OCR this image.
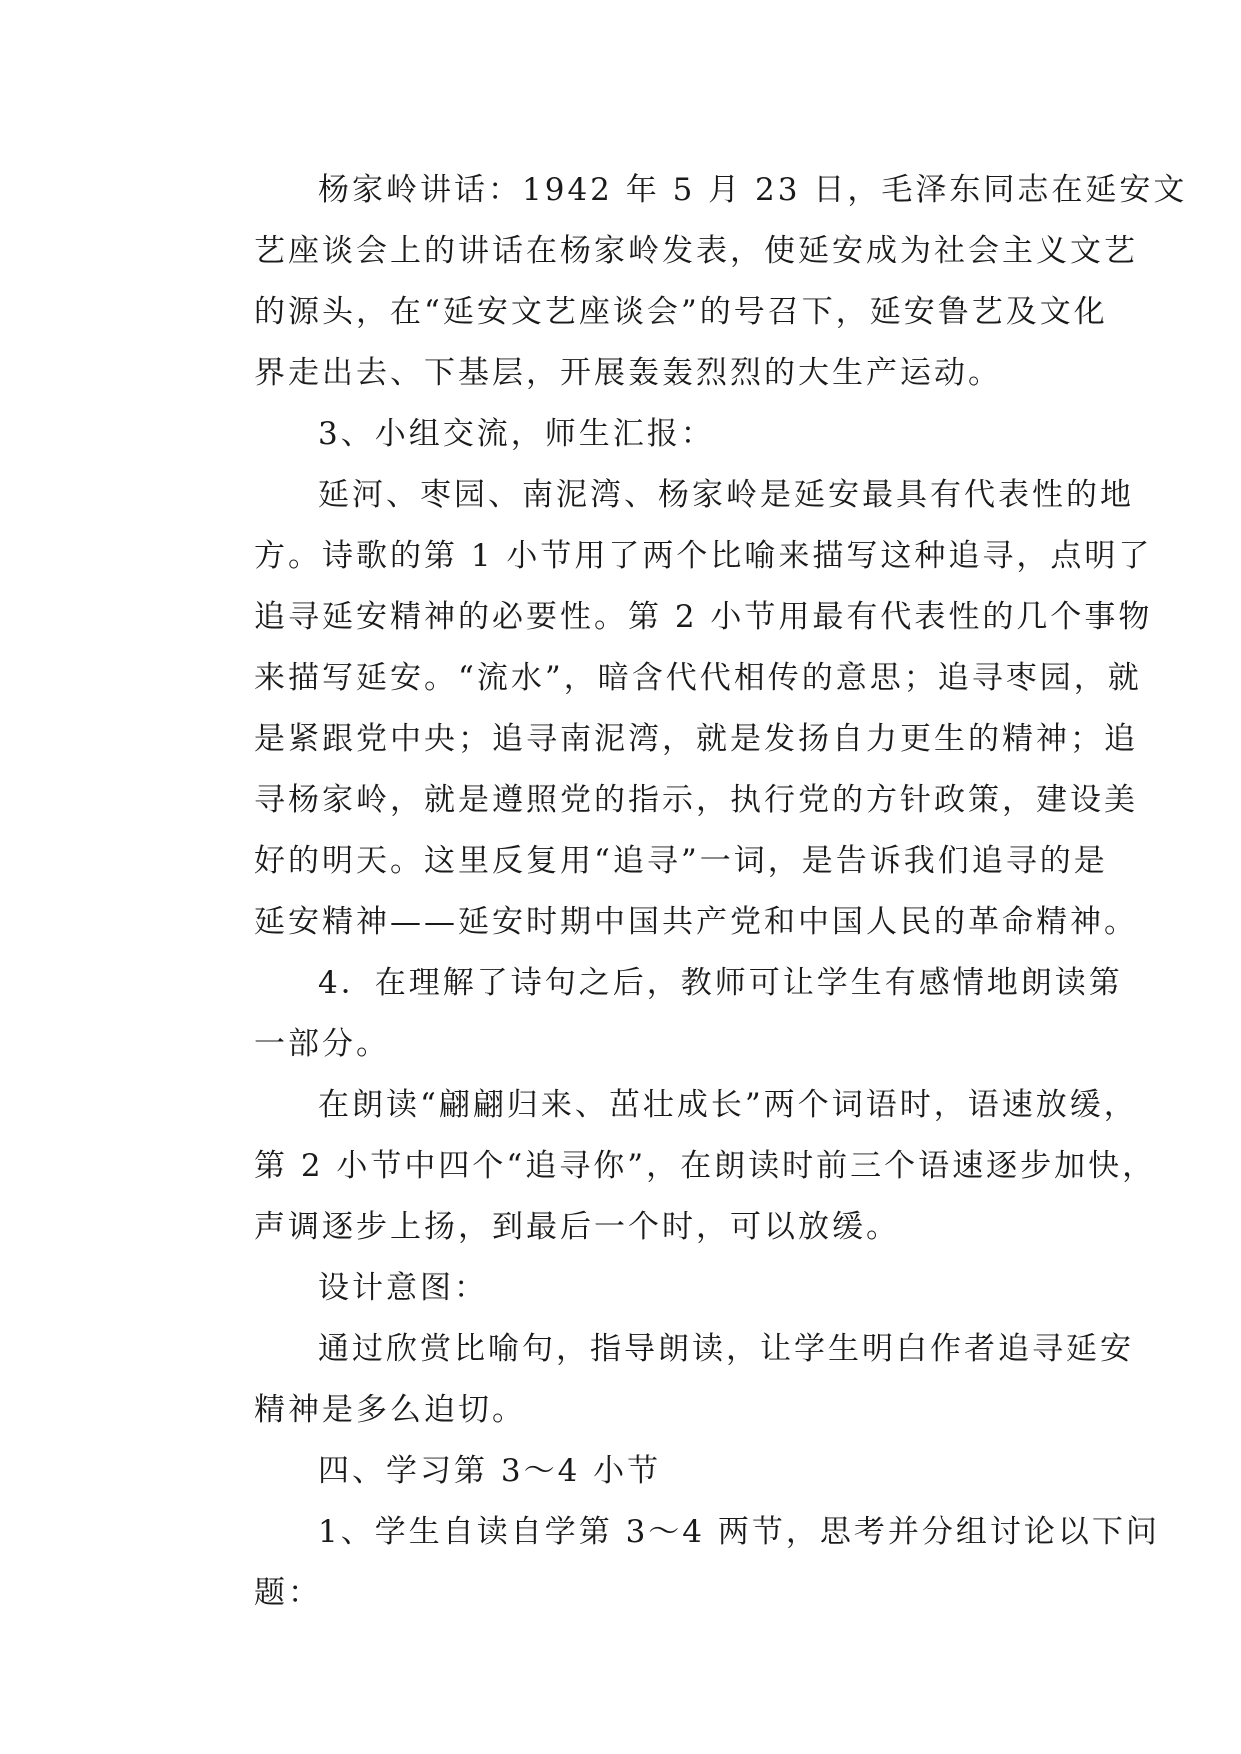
杨家岭讲话：1942 年 5 月 23 日，毛泽东同志在延安文
艺座谈会上的讲话在杨家岭发表，使延安成为社会主义文艺
的源头，在“延安文艺座谈会”的号召下，延安鲁艺及文化
界走出去、下基层，开展轰轰烈烈的大生产运动。
3、小组交流，师生汇报：
延河、枣园、南泥湾、杨家岭是延安最具有代表性的地
方。诗歌的第 1 小节用了两个比喻来描写这种追寻，点明了
追寻延安精神的必要性。第 2 小节用最有代表性的几个事物
来描写延安。“流水”，暗含代代相传的意思；追寻枣园，就
是紧跟党中央；追寻南泥湾，就是发扬自力更生的精神；追
寻杨家岭，就是遵照党的指示，执行党的方针政策，建设美
好的明天。这里反复用“追寻”一词，是告诉我们追寻的是
延安精神——延安时期中国共产党和中国人民的革命精神。
4．在理解了诗句之后，教师可让学生有感情地朗读第
一部分。
在朗读“翩翩归来、茁壮成长”两个词语时，语速放缓，
第 2 小节中四个“追寻你”，在朗读时前三个语速逐步加快，
声调逐步上扬，到最后一个时，可以放缓。
设计意图：
通过欣赏比喻句，指导朗读，让学生明白作者追寻延安
精神是多么迫切。
四、学习第 3～4 小节
1、学生自读自学第 3～4 两节，思考并分组讨论以下问
题：
